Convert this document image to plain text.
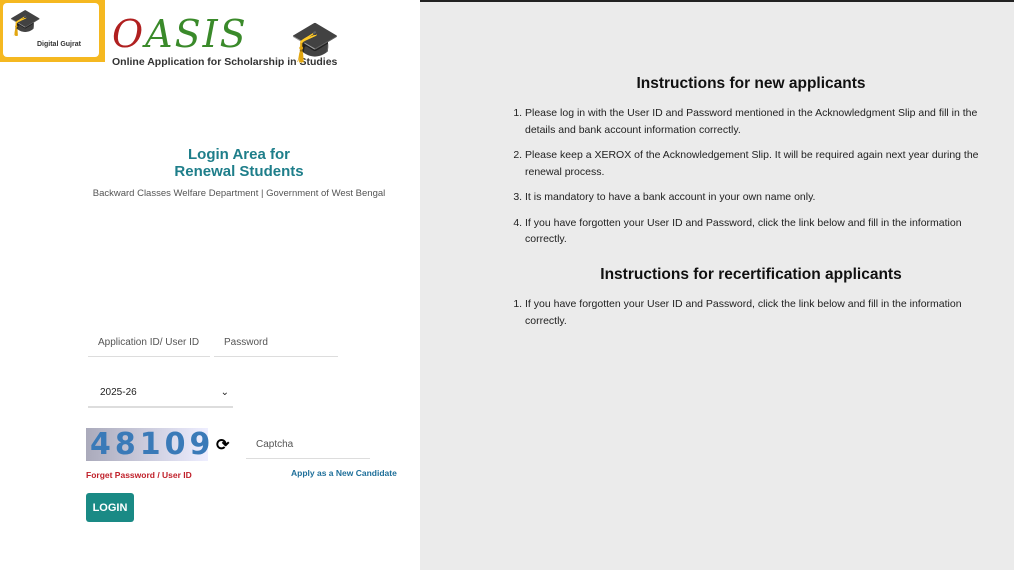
🎓
Digital Gujrat OASIS
Online Application for Scholarship in Studies
🎓
Login Area for
Renewal Students
Backward Classes Welfare Department | Government of West Bengal
Application ID/ User ID	Password
2025-26	⌄
48109 ⟳	Captcha
Forget Password / User ID	Apply as a New Candidate
LOGIN
Instructions for new applicants
1. Please log in with the User ID and Password mentioned in the Acknowledgment Slip and fill in the details and bank account information correctly.
2. Please keep a XEROX of the Acknowledgement Slip. It will be required again next year during the renewal process.
3. It is mandatory to have a bank account in your own name only.
4. If you have forgotten your User ID and Password, click the link below and fill in the information correctly.
Instructions for recertification applicants
1. If you have forgotten your User ID and Password, click the link below and fill in the information correctly.
